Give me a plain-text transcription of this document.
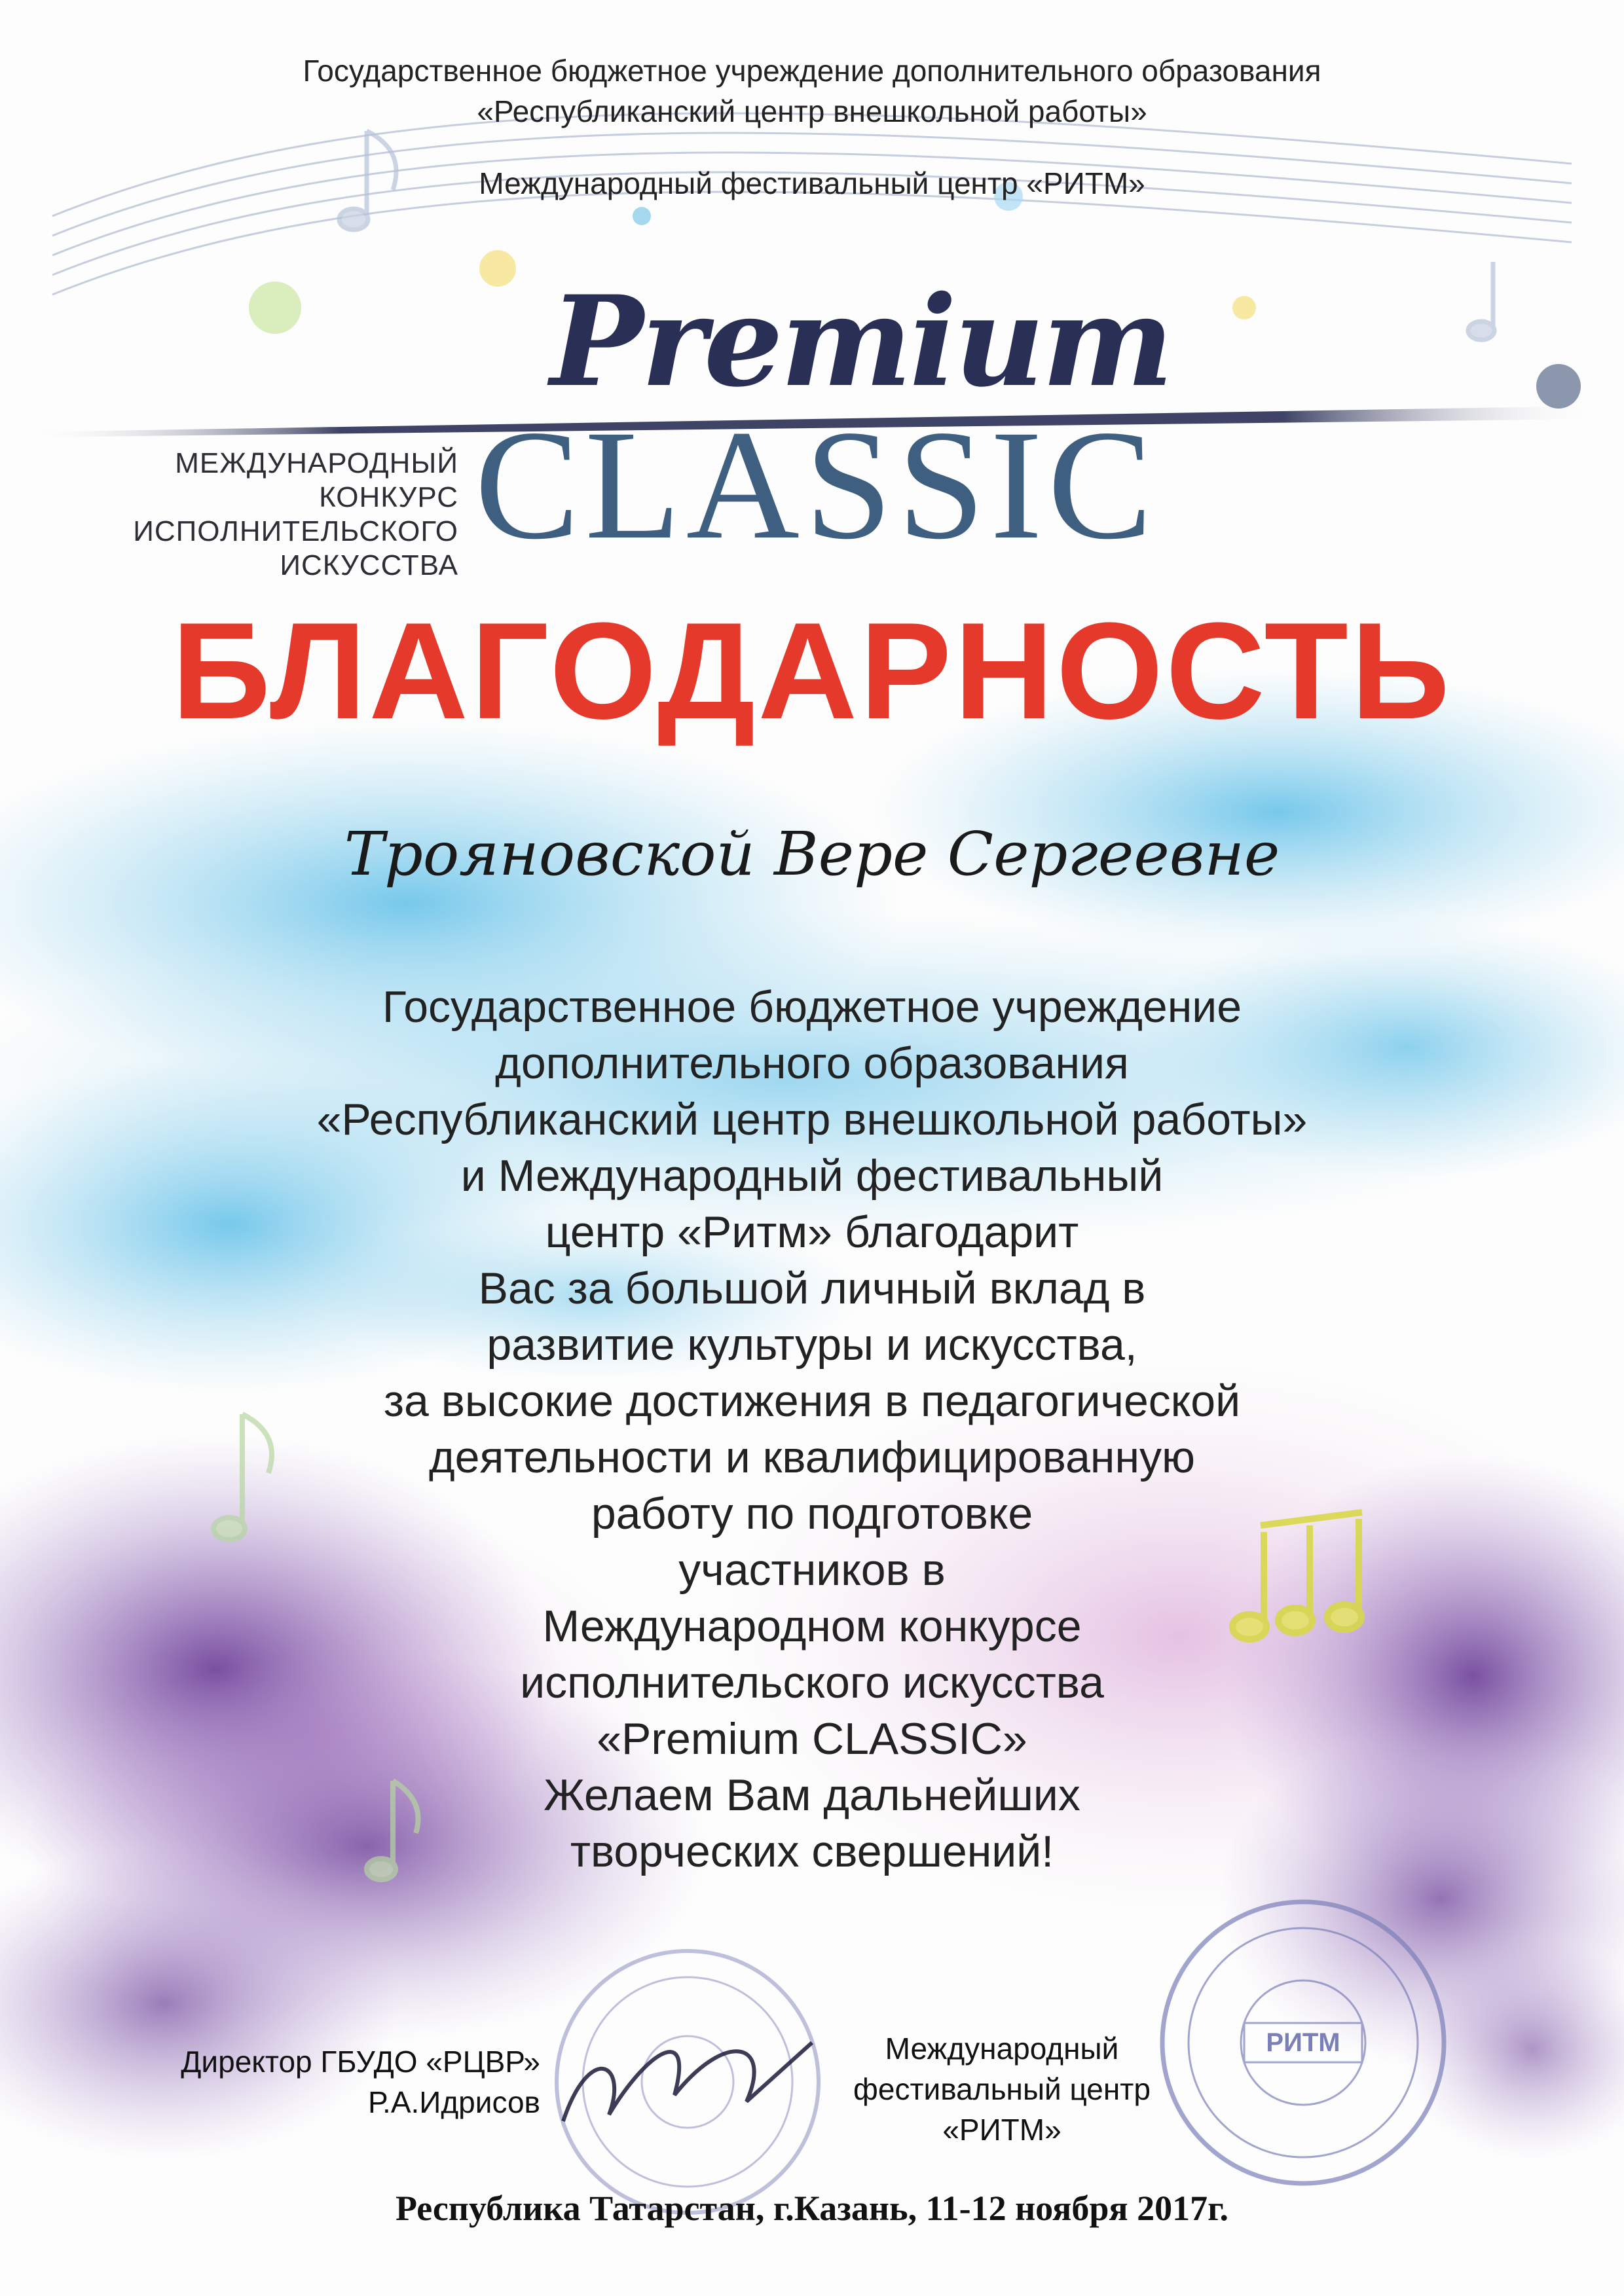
РИТМ
Государственное бюджетное учреждение дополнительного образования
«Республиканский центр внешкольной работы»
Международный фестивальный центр «РИТМ»
Premium
CLASSIC
МЕЖДУНАРОДНЫЙ КОНКУРС
ИСПОЛНИТЕЛЬСКОГО
ИСКУССТВА
БЛАГОДАРНОСТЬ
Трояновской Вере Сергеевне
Государственное бюджетное учреждение
дополнительного образования
«Республиканский центр внешкольной работы»
и Международный фестивальный
центр «Ритм» благодарит
Вас за большой личный вклад в
развитие культуры и искусства,
за высокие достижения в педагогической
деятельности и квалифицированную
работу по подготовке
участников в
Международном конкурсе
исполнительского искусства
«Premium CLASSIC»
Желаем Вам дальнейших
творческих свершений!
Директор ГБУДО «РЦВР»
Р.А.Идрисов
Международный
фестивальный центр
«РИТМ»
Республика Татарстан, г.Казань, 11-12 ноября 2017г.
